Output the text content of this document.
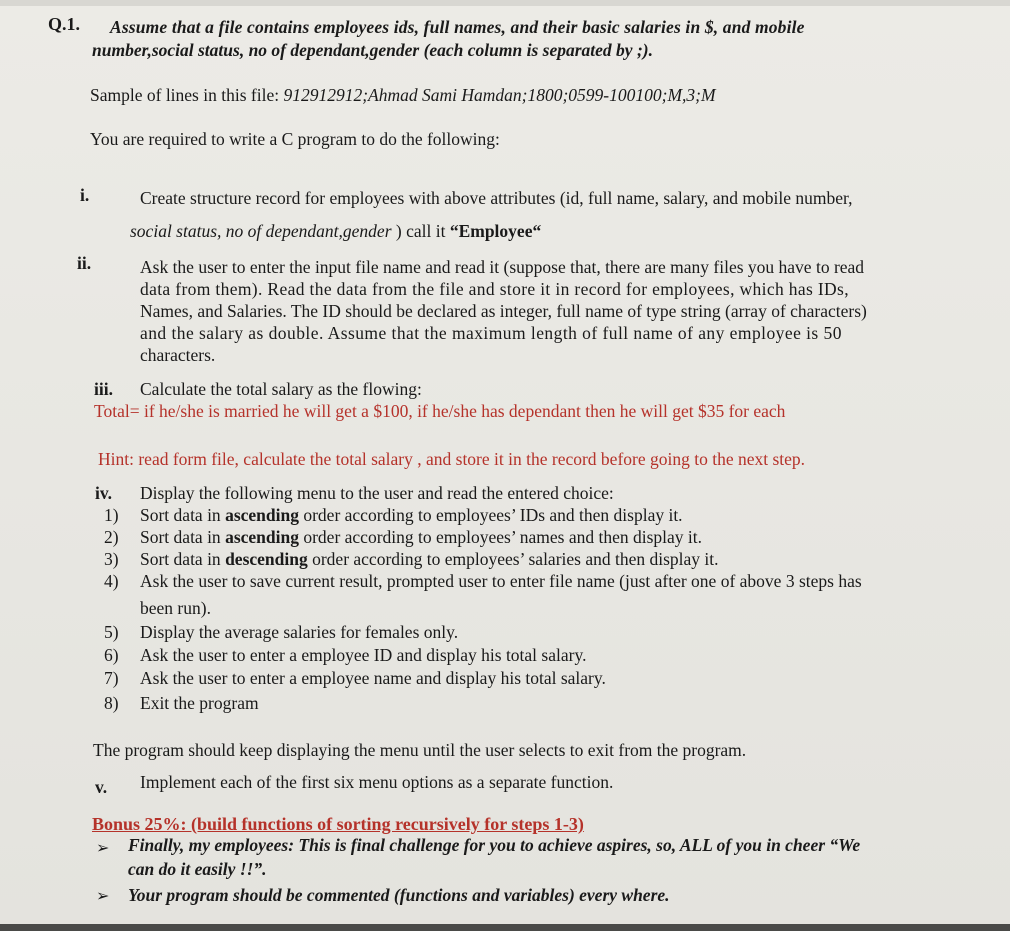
Q.1. Assume that a file contains employees ids, full names, and their basic salaries in $, and mobile
number,social status, no of dependant,gender (each column is separated by ;).
Sample of lines in this file: 912912912;Ahmad Sami Hamdan;1800;0599-100100;M,3;M
You are required to write a C program to do the following:
i.	Create structure record for employees with above attributes (id, full name, salary, and mobile number,
social status, no of dependant,gender ) call it “Employee“
ii.	Ask the user to enter the input file name and read it (suppose that, there are many files you have to read
data from them). Read the data from the file and store it in record for employees, which has IDs,
Names, and Salaries. The ID should be declared as integer, full name of type string (array of characters)
and the salary as double. Assume that the maximum length of full name of any employee is 50
characters.
iii. Calculate the total salary as the flowing:
Total= if he/she is married he will get a $100, if he/she has dependant then he will get $35 for each
Hint: read form file, calculate the total salary , and store it in the record before going to the next step.
iv. Display the following menu to the user and read the entered choice:
1) Sort data in ascending order according to employees’ IDs and then display it.
2) Sort data in ascending order according to employees’ names and then display it.
3) Sort data in descending order according to employees’ salaries and then display it.
4) Ask the user to save current result, prompted user to enter file name (just after one of above 3 steps has
been run).
5) Display the average salaries for females only.
6) Ask the user to enter a employee ID and display his total salary.
7) Ask the user to enter a employee name and display his total salary.
8) Exit the program
The program should keep displaying the menu until the user selects to exit from the program.
v. Implement each of the first six menu options as a separate function.
Bonus 25%: (build functions of sorting recursively for steps 1-3)
➢ Finally, my employees: This is final challenge for you to achieve aspires, so, ALL of you in cheer “We
can do it easily !!”.
➢ Your program should be commented (functions and variables) every where.
